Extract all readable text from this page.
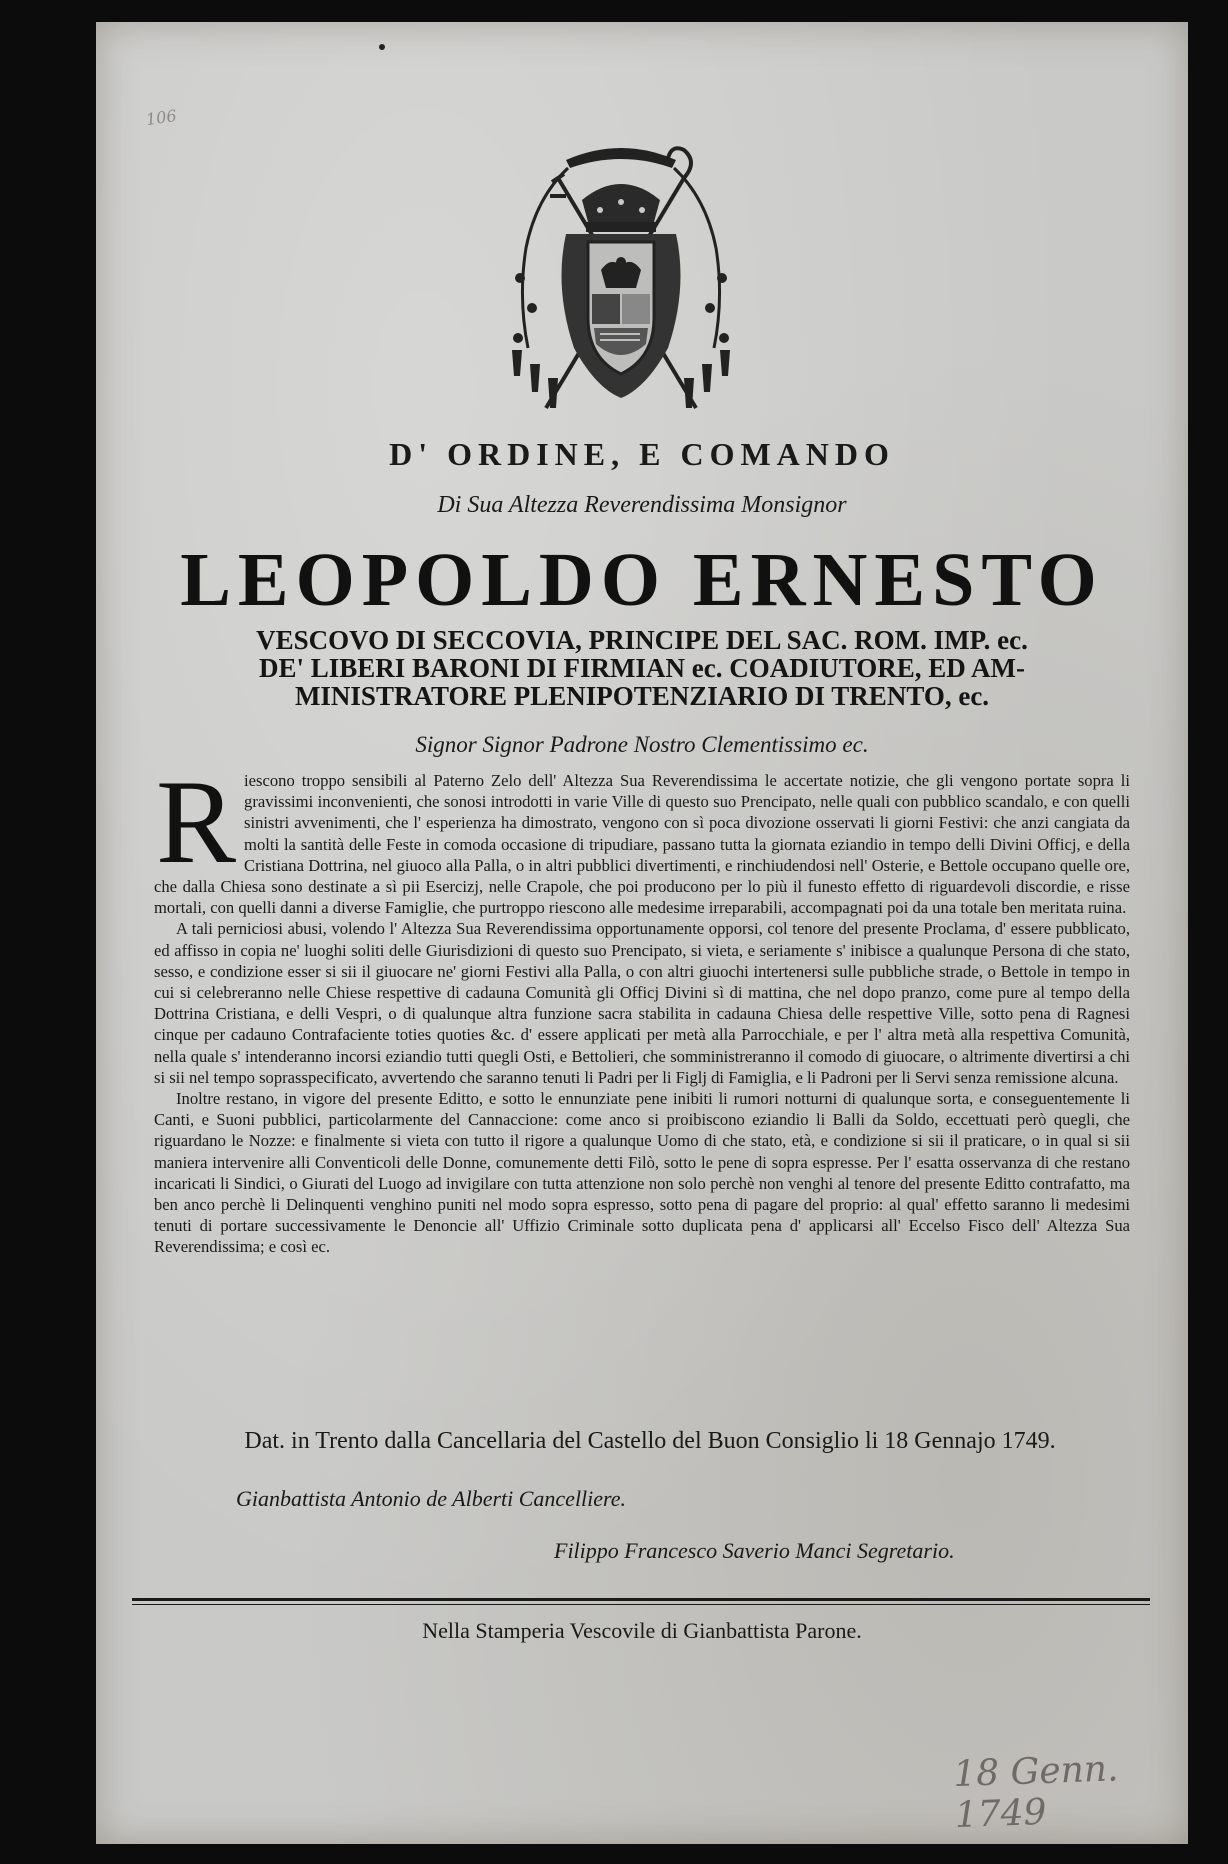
106
D' ORDINE, E COMANDO
Di Sua Altezza Reverendissima Monsignor
LEOPOLDO ERNESTO
VESCOVO DI SECCOVIA, PRINCIPE DEL SAC. ROM. IMP. ec.
DE' LIBERI BARONI DI FIRMIAN ec. COADIUTORE, ED AM-
MINISTRATORE PLENIPOTENZIARIO DI TRENTO, ec.
Signor Signor Padrone Nostro Clementissimo ec.
R iescono troppo sensibili al Paterno Zelo dell' Altezza Sua Reverendissima le accertate notizie, che gli vengono portate sopra li gravissimi inconvenienti, che sonosi introdotti in varie Ville di questo suo Prencipato, nelle quali con pubblico scandalo, e con quelli sinistri avvenimenti, che l' esperienza ha dimostrato, vengono con sì poca divozione osservati li giorni Festivi: che anzi cangiata da molti la santità delle Feste in comoda occasione di tripudiare, passano tutta la giornata eziandio in tempo delli Divini Officj, e della Cristiana Dottrina, nel giuoco alla Palla, o in altri pubblici divertimenti, e rinchiudendosi nell' Osterie, e Bettole occupano quelle ore, che dalla Chiesa sono destinate a sì pii Esercizj, nelle Crapole, che poi producono per lo più il funesto effetto di riguardevoli discordie, e risse mortali, con quelli danni a diverse Famiglie, che purtroppo riescono alle medesime irreparabili, accompagnati poi da una totale ben meritata ruina.

A tali perniciosi abusi, volendo l' Altezza Sua Reverendissima opportunamente opporsi, col tenore del presente Proclama, d' essere pubblicato, ed affisso in copia ne' luoghi soliti delle Giurisdizioni di questo suo Prencipato, si vieta, e seriamente s' inibisce a qualunque Persona di che stato, sesso, e condizione esser si sii il giuocare ne' giorni Festivi alla Palla, o con altri giuochi intertenersi sulle pubbliche strade, o Bettole in tempo in cui si celebreranno nelle Chiese respettive di cadauna Comunità gli Officj Divini sì di mattina, che nel dopo pranzo, come pure al tempo della Dottrina Cristiana, e delli Vespri, o di qualunque altra funzione sacra stabilita in cadauna Chiesa delle respettive Ville, sotto pena di Ragnesi cinque per cadauno Contrafaciente toties quoties &c. d' essere applicati per metà alla Parrocchiale, e per l' altra metà alla respettiva Comunità, nella quale s' intenderanno incorsi eziandio tutti quegli Osti, e Bettolieri, che somministreranno il comodo di giuocare, o altrimente divertirsi a chi si sii nel tempo soprasspecificato, avvertendo che saranno tenuti li Padri per li Figlj di Famiglia, e li Padroni per li Servi senza remissione alcuna.

Inoltre restano, in vigore del presente Editto, e sotto le ennunziate pene inibiti li rumori notturni di qualunque sorta, e conseguentemente li Canti, e Suoni pubblici, particolarmente del Cannaccione: come anco si proibiscono eziandio li Balli da Soldo, eccettuati però quegli, che riguardano le Nozze: e finalmente si vieta con tutto il rigore a qualunque Uomo di che stato, età, e condizione si sii il praticare, o in qual si sii maniera intervenire alli Conventicoli delle Donne, comunemente detti Filò, sotto le pene di sopra espresse. Per l' esatta osservanza di che restano incaricati li Sindici, o Giurati del Luogo ad invigilare con tutta attenzione non solo perchè non venghi al tenore del presente Editto contrafatto, ma ben anco perchè li Delinquenti venghino puniti nel modo sopra espresso, sotto pena di pagare del proprio: al qual' effetto saranno li medesimi tenuti di portare successivamente le Denoncie all' Uffizio Criminale sotto duplicata pena d' applicarsi all' Eccelso Fisco dell' Altezza Sua Reverendissima; e così ec.

Dat. in Trento dalla Cancellaria del Castello del Buon Consiglio li 18 Gennajo 1749.
Gianbattista Antonio de Alberti Cancelliere.
Filippo Francesco Saverio Manci Segretario.
Nella Stamperia Vescovile di Gianbattista Parone.
18 Genn. 1749
